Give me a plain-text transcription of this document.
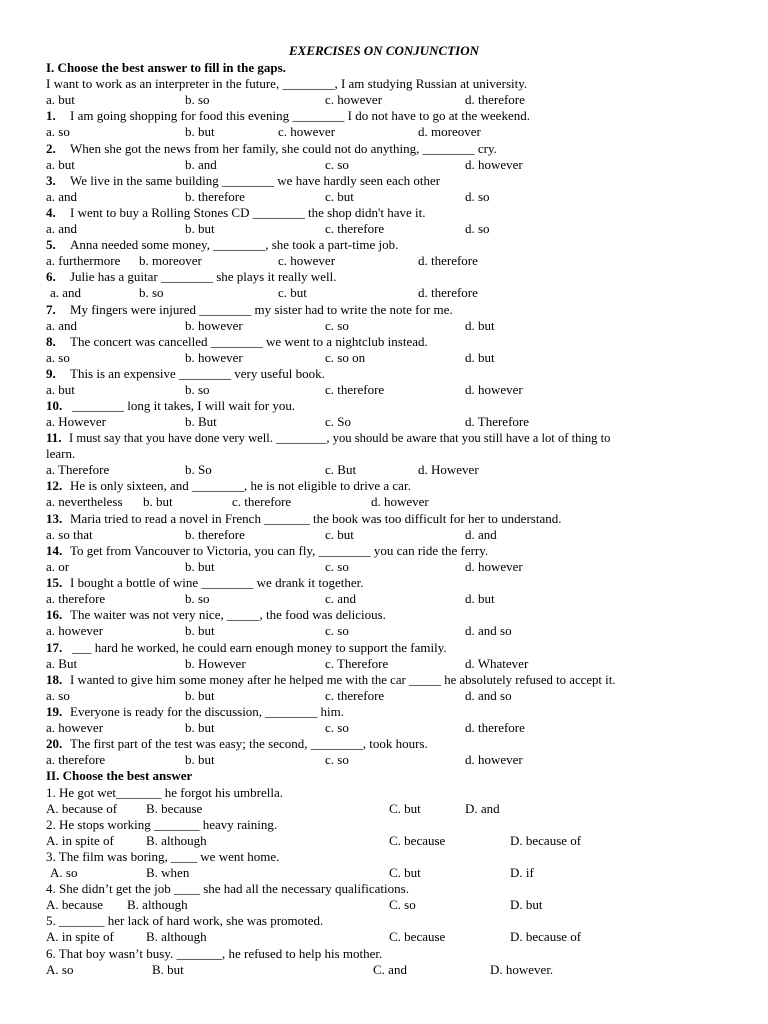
EXERCISES ON CONJUNCTION
I. Choose the best answer to fill in the gaps.
I want to work as an interpreter in the future, ________, I am studying Russian at university.
a. but	b. so	c. however	d. therefore
1. I am going shopping for food this evening ________ I do not have to go at the weekend.
a. so	b. but	c. however	d. moreover
2. When she got the news from her family, she could not do anything, ________ cry.
a. but	b. and	c. so	d. however
3. We live in the same building ________ we have hardly seen each other
a. and	b. therefore	c. but	d. so
4. I went to buy a Rolling Stones CD ________ the shop didn't have it.
a. and	b. but	c. therefore	d. so
5. Anna needed some money, ________, she took a part-time job.
a. furthermore b. moreover	c. however	d. therefore
6. Julie has a guitar ________ she plays it really well.
a. and	b. so	c. but	d. therefore
7. My fingers were injured ________ my sister had to write the note for me.
a. and	b. however	c. so	d. but
8. The concert was cancelled ________ we went to a nightclub instead.
a. so	b. however	c. so on	d. but
9. This is an expensive ________ very useful book.
a. but	b. so	c. therefore	d. however
10. ________ long it takes, I will wait for you.
a. However	b. But	c. So	d. Therefore
11. I must say that you have done very well. ________, you should be aware that you still have a lot of thing to
learn.
a. Therefore	b. So	c. But	d. However
12. He is only sixteen, and ________, he is not eligible to drive a car.
a. nevertheless b. but	c. therefore	d. however
13. Maria tried to read a novel in French _______ the book was too difficult for her to understand.
a. so that	b. therefore	c. but	d. and
14. To get from Vancouver to Victoria, you can fly, ________ you can ride the ferry.
a. or	b. but	c. so	d. however
15. I bought a bottle of wine ________ we drank it together.
a. therefore	b. so	c. and	d. but
16. The waiter was not very nice, _____, the food was delicious.
a. however	b. but	c. so	d. and so
17. ___ hard he worked, he could earn enough money to support the family.
a. But	b. However	c. Therefore	d. Whatever
18. I wanted to give him some money after he helped me with the car _____ he absolutely refused to accept it.
a. so	b. but	c. therefore	d. and so
19. Everyone is ready for the discussion, ________ him.
a. however	b. but	c. so	d. therefore
20. The first part of the test was easy; the second, ________, took hours.
a. therefore	b. but	c. so	d. however
II. Choose the best answer
1. He got wet_______ he forgot his umbrella.
A. because of B. because	C. but	D. and
2. He stops working _______ heavy raining.
A. in spite of B. although	C. because	D. because of
3. The film was boring, ____ we went home.
A. so	B. when	C. but	D. if
4. She didn’t get the job ____ she had all the necessary qualifications.
A. because B. although	C. so	D. but
5. _______ her lack of hard work, she was promoted.
A. in spite of B. although	C. because	D. because of
6. That boy wasn’t busy. _______, he refused to help his mother.
A. so	B. but	C. and	D. however.
